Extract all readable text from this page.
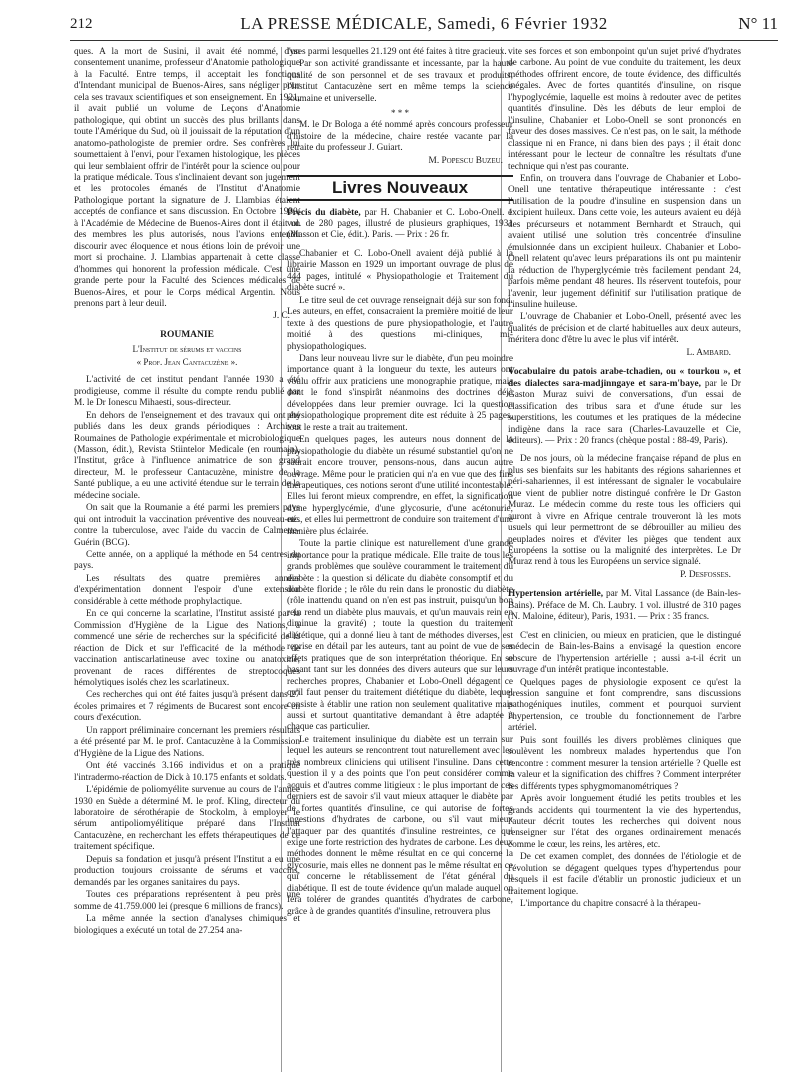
212	LA PRESSE MÉDICALE, Samedi, 6 Février 1932	N° 11

ques. A la mort de Susini, il avait été nommé, d'un consentement unanime, professeur d'Anatomie pathologique à la Faculté. Entre temps, il acceptait les fonctions d'Intendant municipal de Buenos-Aires, sans négliger pour cela ses travaux scientifiques et son enseignement. En 1921, il avait publié un volume de Leçons d'Anatomie pathologique, qui obtint un succès des plus brillants dans toute l'Amérique du Sud, où il jouissait de la réputation d'un anatomo-pathologiste de premier ordre. Ses confrères lui soumettaient à l'envi, pour l'examen histologique, les pièces qui leur semblaient offrir de l'intérêt pour la science ou pour la pratique médicale. Tous s'inclinaient devant son jugement et les protocoles émanés de l'Institut d'Anatomie Pathologique portant la signature de J. Llambias étaient acceptés de confiance et sans discussion. En Octobre 1930, à l'Académie de Médecine de Buenos-Aires dont il était un des membres les plus autorisés, nous l'avions entendu discourir avec éloquence et nous étions loin de prévoir une mort si prochaine. J. Llambias appartenait à cette classe d'hommes qui honorent la profession médicale. C'est une grande perte pour la Faculté des Sciences médicales de Buenos-Aires, et pour le Corps médical Argentin. Nous prenons part à leur deuil.

J. C.
ROUMANIE
L'Institut de sérums et vaccins
« Prof. Jean Cantacuzène ».

L'activité de cet institut pendant l'année 1930 a été prodigieuse, comme il résulte du compte rendu publié par M. le Dr Ionescu Mihaesti, sous-directeur.

En dehors de l'enseignement et des travaux qui ont été publiés dans les deux grands périodiques : Archives Roumaines de Pathologie expérimentale et microbiologique (Masson, édit.), Revista Stiintelor Medicale (en roumain), l'Institut, grâce à l'influence animatrice de son grand directeur, M. le professeur Cantacuzène, ministre de la Santé publique, a eu une activité étendue sur le terrain de la médecine sociale.

On sait que la Roumanie a été parmi les premiers pays qui ont introduit la vaccination préventive des nouveau-nés contre la tuberculose, avec l'aide du vaccin de Calmette-Guérin (BCG).

Cette année, on a appliqué la méthode en 54 centres du pays.

Les résultats des quatre premières années d'expérimentation donnent l'espoir d'une extension considérable à cette méthode prophylactique.

En ce qui concerne la scarlatine, l'Institut assisté par la Commission d'Hygiène de la Ligue des Nations, a commencé une série de recherches sur la spécificité de la réaction de Dick et sur l'efficacité de la méthode de vaccination antiscarlatineuse avec toxine ou anatoxine, provenant de races différentes de streptocoques hémolytiques isolés chez les scarlatineux.

Ces recherches qui ont été faites jusqu'à présent dans 27 écoles primaires et 7 régiments de Bucarest sont encore en cours d'exécution.

Un rapport préliminaire concernant les premiers résultats a été présenté par M. le prof. Cantacuzène à la Commission d'Hygiène de la Ligue des Nations.

Ont été vaccinés 3.166 individus et on a pratiqué l'intradermo-réaction de Dick à 10.175 enfants et soldats.

L'épidémie de poliomyélite survenue au cours de l'année 1930 en Suède a déterminé M. le prof. Kling, directeur du laboratoire de sérothérapie de Stockolm, à employer le sérum antipoliomyélitique préparé dans l'Institut Cantacuzène, en recherchant les effets thérapeutiques de ce traitement spécifique.

Depuis sa fondation et jusqu'à présent l'Institut a eu une production toujours croissante de sérums et vaccins, demandés par les organes sanitaires du pays.

Toutes ces préparations représentent à peu près une somme de 41.759.000 lei (presque 6 millions de francs).

La même année la section d'analyses chimiques et biologiques a exécuté un total de 27.254 ana-

lyses parmi lesquelles 21.129 ont été faites à titre gracieux.

Par son activité grandissante et incessante, par la haute qualité de son personnel et de ses travaux et produits, l'Institut Cantacuzène sert en même temps la science roumaine et universelle.

* * *

M. le Dr Bologa a été nommé après concours professeur d'histoire de la médecine, chaire restée vacante par la retraite du professeur J. Guiart.

M. Popescu Buzeu.
Livres Nouveaux

Précis du diabète, par H. Chabanier et C. Lobo-Onell. 1 vol. de 280 pages, illustré de plusieurs graphiques, 1931 (Masson et Cie, édit.). Paris. — Prix : 26 fr.

Chabanier et C. Lobo-Onell avaient déjà publié à la librairie Masson en 1929 un important ouvrage de plus de 444 pages, intitulé « Physiopathologie et Traitement du diabète sucré ».

Le titre seul de cet ouvrage renseignait déjà sur son fond. Les auteurs, en effet, consacraient la première moitié de leur texte à des questions de pure physiopathologie, et l'autre moitié à des questions mi-cliniques, mi-physiopathologiques.

Dans leur nouveau livre sur le diabète, d'un peu moindre importance quant à la longueur du texte, les auteurs ont voulu offrir aux praticiens une monographie pratique, mais dont le fond s'inspirât néanmoins des doctrines déjà développées dans leur premier ouvrage. Ici la question physiopathologique proprement dite est réduite à 25 pages, tout le reste a trait au traitement.

En quelques pages, les auteurs nous donnent de la physiopathologie du diabète un résumé substantiel qu'on ne saurait encore trouver, pensons-nous, dans aucun autre ouvrage. Même pour le praticien qui n'a en vue que des fins thérapeutiques, ces notions seront d'une utilité incontestable. Elles lui feront mieux comprendre, en effet, la signification d'une hyperglycémie, d'une glycosurie, d'une acétonurie, etc., et elles lui permettront de conduire son traitement d'une manière plus éclairée.

Toute la partie clinique est naturellement d'une grande importance pour la pratique médicale. Elle traite de tous les grands problèmes que soulève couramment le traitement du diabète : la question si délicate du diabète consomptif et du diabète floride ; le rôle du rein dans le pronostic du diabète (rôle inattendu quand on n'en est pas instruit, puisqu'un bon rein rend un diabète plus mauvais, et qu'un mauvais rein en diminue la gravité) ; toute la question du traitement diététique, qui a donné lieu à tant de méthodes diverses, est reprise en détail par les auteurs, tant au point de vue de ses effets pratiques que de son interprétation théorique. En se basant tant sur les données des divers auteurs que sur leurs recherches propres, Chabanier et Lobo-Onell dégagent ce qu'il faut penser du traitement diététique du diabète, lequel consiste à établir une ration non seulement qualitative mais aussi et surtout quantitative demandant à être adaptée à chaque cas particulier.

Le traitement insulinique du diabète est un terrain sur lequel les auteurs se rencontrent tout naturellement avec les très nombreux cliniciens qui utilisent l'insuline. Dans cette question il y a des points que l'on peut considérer comme acquis et d'autres comme litigieux : le plus important de ces derniers est de savoir s'il vaut mieux attaquer le diabète par de fortes quantités d'insuline, ce qui autorise de fortes ingestions d'hydrates de carbone, ou s'il vaut mieux l'attaquer par des quantités d'insuline restreintes, ce qui exige une forte restriction des hydrates de carbone. Les deux méthodes donnent le même résultat en ce qui concerne la glycosurie, mais elles ne donnent pas le même résultat en ce qui concerne le rétablissement de l'état général du diabétique. Il est de toute évidence qu'un malade auquel on fera tolérer de grandes quantités d'hydrates de carbone, grâce à de grandes quantités d'insuline, retrouvera plus

vite ses forces et son embonpoint qu'un sujet privé d'hydrates de carbone. Au point de vue conduite du traitement, les deux méthodes offrirent encore, de toute évidence, des difficultés inégales. Avec de fortes quantités d'insuline, on risque l'hypoglycémie, laquelle est moins à redouter avec de petites quantités d'insuline. Dès les débuts de leur emploi de l'insuline, Chabanier et Lobo-Onell se sont prononcés en faveur des doses massives. Ce n'est pas, on le sait, la méthode classique ni en France, ni dans bien des pays ; il était donc intéressant pour le lecteur de connaître les résultats d'une technique qui n'est pas courante.

Enfin, on trouvera dans l'ouvrage de Chabanier et Lobo-Onell une tentative thérapeutique intéressante : c'est l'utilisation de la poudre d'insuline en suspension dans un excipient huileux. Dans cette voie, les auteurs avaient eu déjà des précurseurs et notamment Bernhardt et Strauch, qui avaient utilisé une solution très concentrée d'insuline émulsionnée dans un excipient huileux. Chabanier et Lobo-Onell relatent qu'avec leurs préparations ils ont pu maintenir la réduction de l'hyperglycémie très facilement pendant 24, parfois même pendant 48 heures. Ils réservent toutefois, pour l'avenir, leur jugement définitif sur l'utilisation pratique de l'insuline huileuse.

L'ouvrage de Chabanier et Lobo-Onell, présenté avec les qualités de précision et de clarté habituelles aux deux auteurs, méritera donc d'être lu avec le plus vif intérêt.

L. Ambard.

Vocabulaire du patois arabe-tchadien, ou « tourkou », et des dialectes sara-madjinngaye et sara-m'baye, par le Dr Gaston Muraz suivi de conversations, d'un essai de classification des tribus sara et d'une étude sur les superstitions, les coutumes et les pratiques de la médecine indigène dans la race sara (Charles-Lavauzelle et Cie, éditeurs). — Prix : 20 francs (chèque postal : 88-49, Paris).

De nos jours, où la médecine française répand de plus en plus ses bienfaits sur les habitants des régions sahariennes et péri-sahariennes, il est intéressant de signaler le vocabulaire que vient de publier notre distingué confrère le Dr Gaston Muraz. Le médecin comme du reste tous les officiers qui auront à vivre en Afrique centrale trouveront là les mots usuels qui leur permettront de se débrouiller au milieu des peuplades noires et d'éviter les pièges que tendent aux Européens la sottise ou la malignité des interprètes. Le Dr Muraz rend à tous les Européens un service signalé.

P. Desfosses.

Hypertension artérielle, par M. Vital Lassance (de Bain-les-Bains). Préface de M. Ch. Laubry. 1 vol. illustré de 310 pages (N. Maloine, éditeur), Paris, 1931. — Prix : 35 francs.

C'est en clinicien, ou mieux en praticien, que le distingué médecin de Bain-les-Bains a envisagé la question encore obscure de l'hypertension artérielle ; aussi a-t-il écrit un ouvrage d'un intérêt pratique incontestable.

Quelques pages de physiologie exposent ce qu'est la pression sanguine et font comprendre, sans discussions pathogéniques inutiles, comment et pourquoi survient l'hypertension, ce trouble du fonctionnement de l'arbre artériel.

Puis sont fouillés les divers problèmes cliniques que soulèvent les nombreux malades hypertendus que l'on rencontre : comment mesurer la tension artérielle ? Quelle est la valeur et la signification des chiffres ? Comment interpréter les différents types sphygmomanométriques ?

Après avoir longuement étudié les petits troubles et les grands accidents qui tourmentent la vie des hypertendus, l'auteur décrit toutes les recherches qui doivent nous renseigner sur l'état des organes ordinairement menacés comme le cœur, les reins, les artères, etc.

De cet examen complet, des données de l'étiologie et de l'évolution se dégagent quelques types d'hypertendus pour lesquels il est facile d'établir un pronostic judicieux et un traitement logique.

L'importance du chapitre consacré à la thérapeu-
